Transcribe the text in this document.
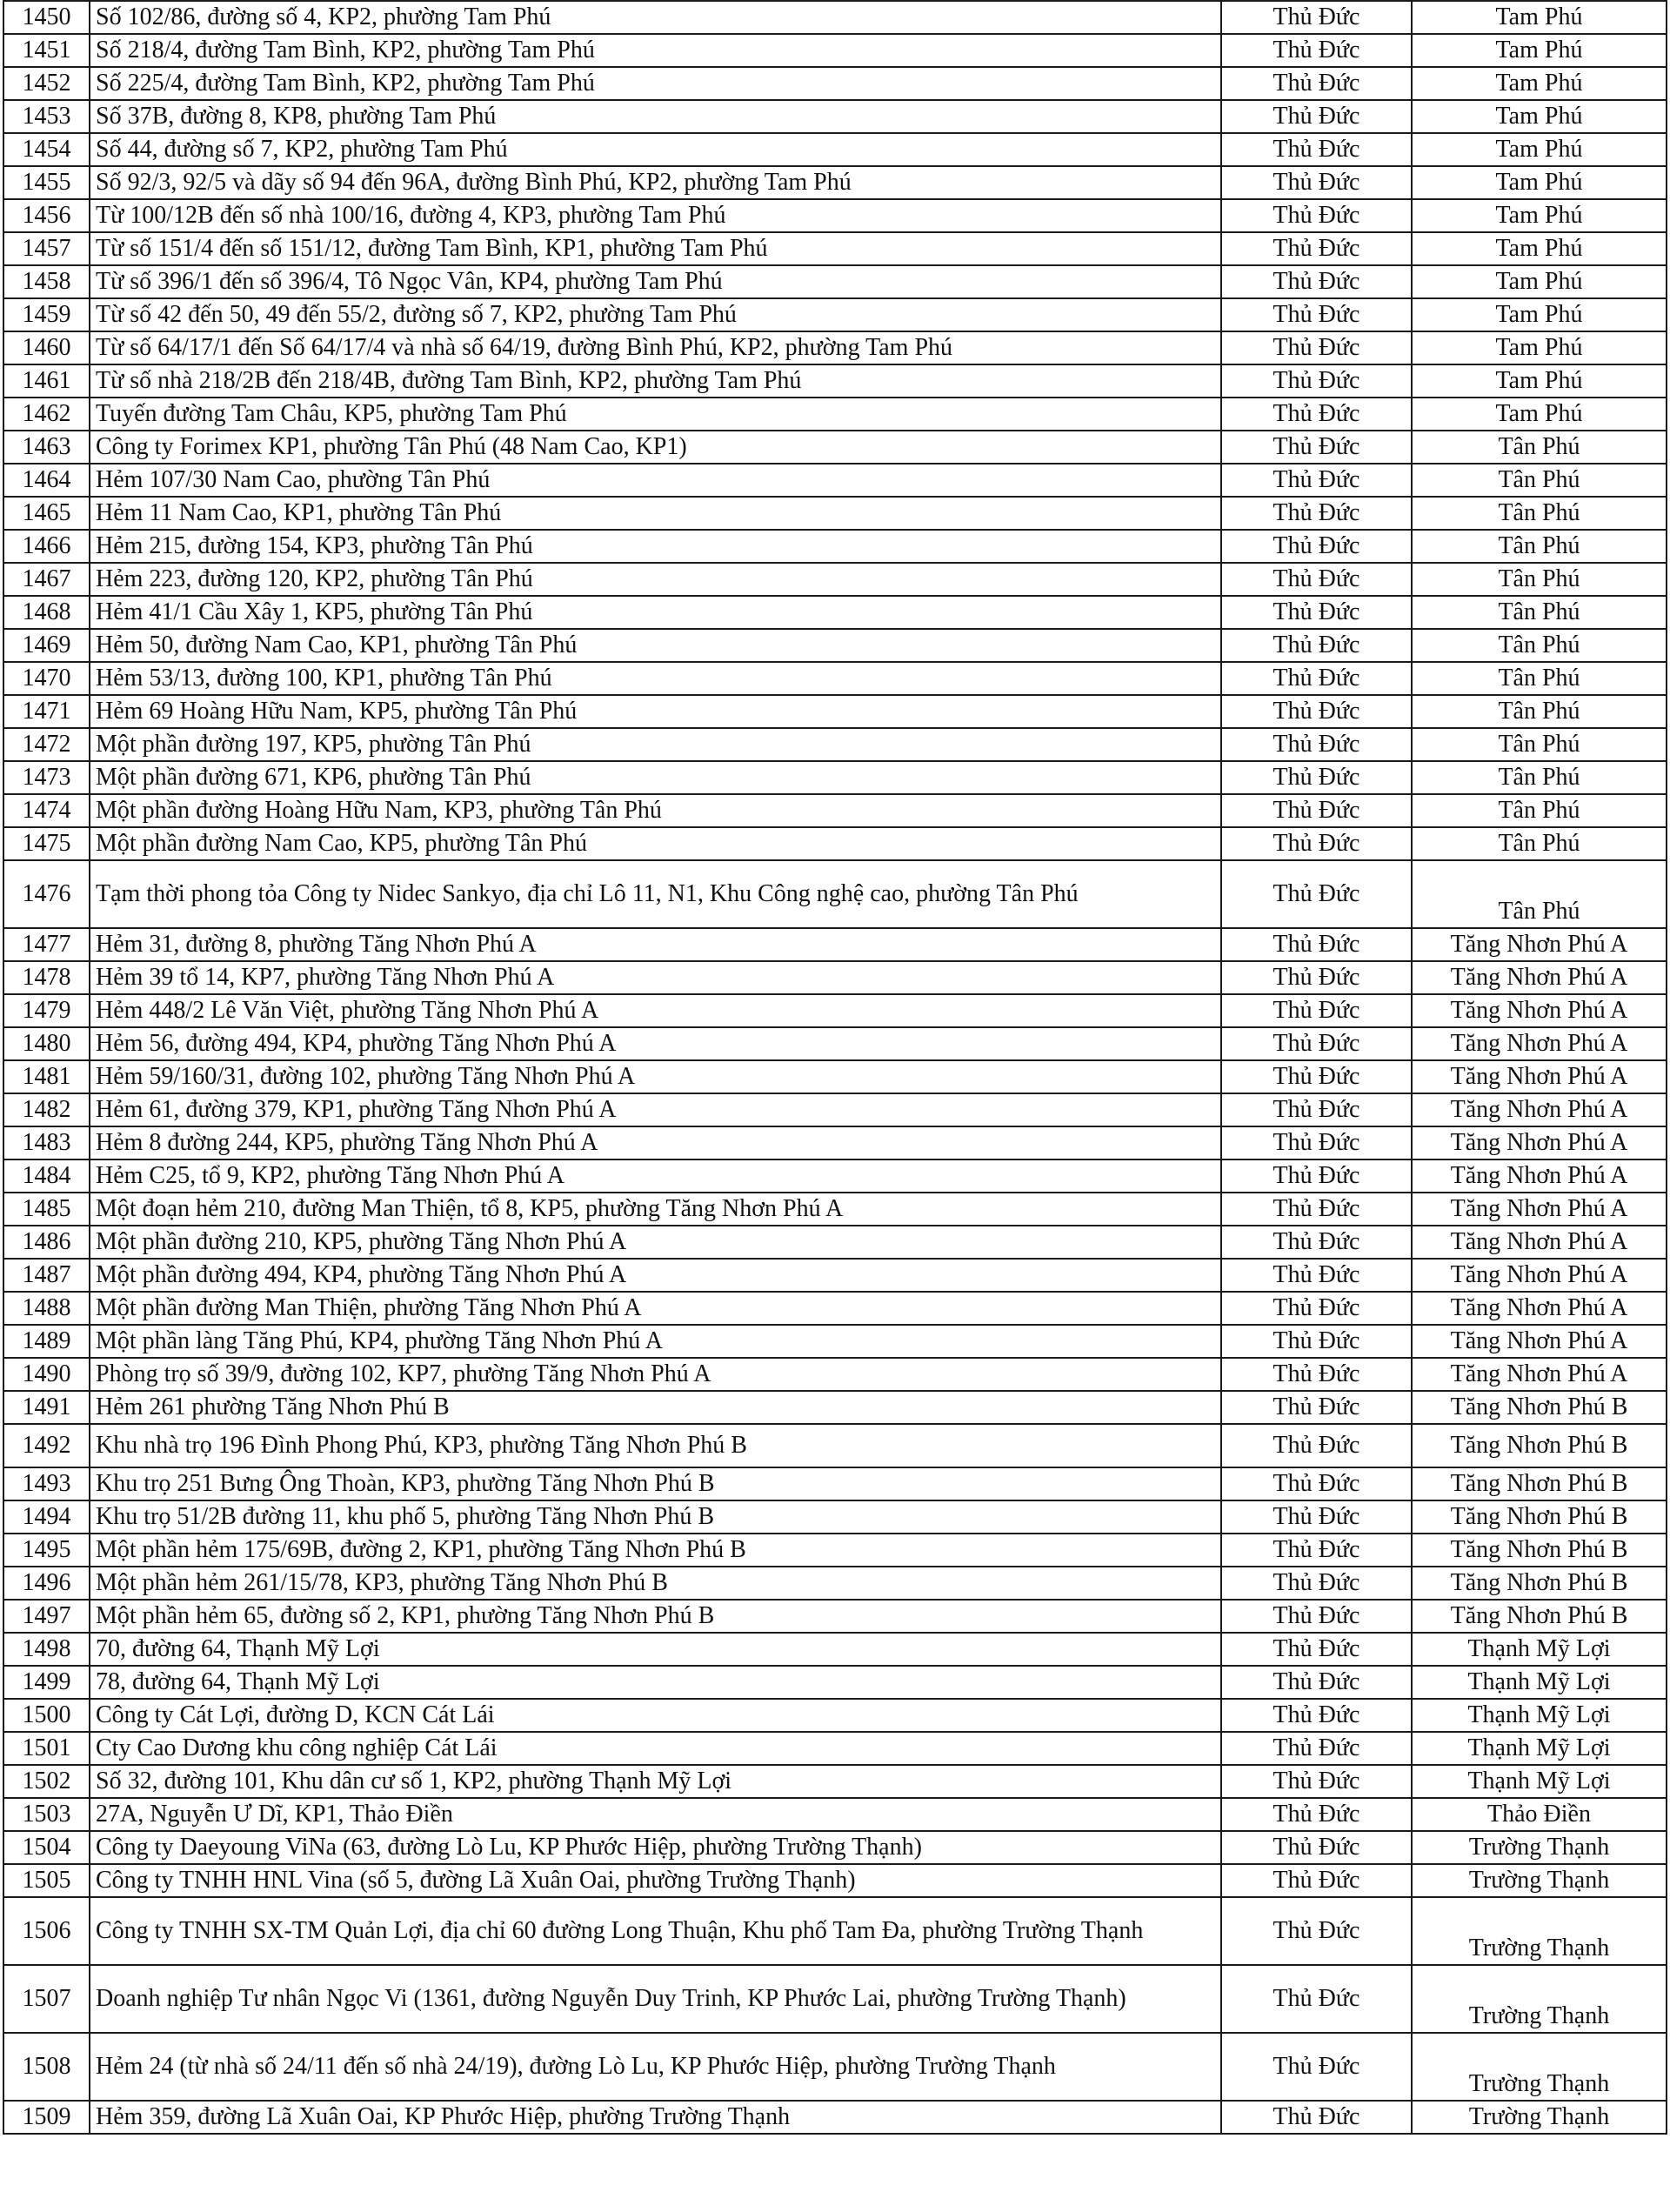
1450	Số 102/86, đường số 4, KP2, phường Tam Phú	Thủ Đức	Tam Phú
1451	Số 218/4, đường Tam Bình, KP2, phường Tam Phú	Thủ Đức	Tam Phú
1452	Số 225/4, đường Tam Bình, KP2, phường Tam Phú	Thủ Đức	Tam Phú
1453	Số 37B, đường 8, KP8, phường Tam Phú	Thủ Đức	Tam Phú
1454	Số 44, đường số 7, KP2, phường Tam Phú	Thủ Đức	Tam Phú
1455	Số 92/3, 92/5 và dãy số 94 đến 96A, đường Bình Phú, KP2, phường Tam Phú	Thủ Đức	Tam Phú
1456	Từ 100/12B đến số nhà 100/16, đường 4, KP3, phường Tam Phú	Thủ Đức	Tam Phú
1457	Từ số 151/4 đến số 151/12, đường Tam Bình, KP1, phường Tam Phú	Thủ Đức	Tam Phú
1458	Từ số 396/1 đến số 396/4, Tô Ngọc Vân, KP4, phường Tam Phú	Thủ Đức	Tam Phú
1459	Từ số 42 đến 50, 49 đến 55/2, đường số 7, KP2, phường Tam Phú	Thủ Đức	Tam Phú
1460	Từ số 64/17/1 đến Số 64/17/4 và nhà số 64/19, đường Bình Phú, KP2, phường Tam Phú	Thủ Đức	Tam Phú
1461	Từ số nhà 218/2B đến 218/4B, đường Tam Bình, KP2, phường Tam Phú	Thủ Đức	Tam Phú
1462	Tuyến đường Tam Châu, KP5, phường Tam Phú	Thủ Đức	Tam Phú
1463	Công ty Forimex KP1, phường Tân Phú (48 Nam Cao, KP1)	Thủ Đức	Tân Phú
1464	Hẻm 107/30 Nam Cao, phường Tân Phú	Thủ Đức	Tân Phú
1465	Hẻm 11 Nam Cao, KP1, phường Tân Phú	Thủ Đức	Tân Phú
1466	Hẻm 215, đường 154, KP3, phường Tân Phú	Thủ Đức	Tân Phú
1467	Hẻm 223, đường 120, KP2, phường Tân Phú	Thủ Đức	Tân Phú
1468	Hẻm 41/1 Cầu Xây 1, KP5, phường Tân Phú	Thủ Đức	Tân Phú
1469	Hẻm 50, đường Nam Cao, KP1, phường Tân Phú	Thủ Đức	Tân Phú
1470	Hẻm 53/13, đường 100, KP1, phường Tân Phú	Thủ Đức	Tân Phú
1471	Hẻm 69 Hoàng Hữu Nam, KP5, phường Tân Phú	Thủ Đức	Tân Phú
1472	Một phần đường 197, KP5, phường Tân Phú	Thủ Đức	Tân Phú
1473	Một phần đường 671, KP6, phường Tân Phú	Thủ Đức	Tân Phú
1474	Một phần đường Hoàng Hữu Nam, KP3, phường Tân Phú	Thủ Đức	Tân Phú
1475	Một phần đường Nam Cao, KP5, phường Tân Phú	Thủ Đức	Tân Phú
1476	Tạm thời phong tỏa Công ty Nidec Sankyo, địa chỉ Lô 11, N1, Khu Công nghệ cao, phường Tân Phú	Thủ Đức	Tân Phú
1477	Hẻm 31, đường 8, phường Tăng Nhơn Phú A	Thủ Đức	Tăng Nhơn Phú A
1478	Hẻm 39 tổ 14, KP7, phường Tăng Nhơn Phú A	Thủ Đức	Tăng Nhơn Phú A
1479	Hẻm 448/2 Lê Văn Việt, phường Tăng Nhơn Phú A	Thủ Đức	Tăng Nhơn Phú A
1480	Hẻm 56, đường 494, KP4, phường Tăng Nhơn Phú A	Thủ Đức	Tăng Nhơn Phú A
1481	Hẻm 59/160/31, đường 102, phường Tăng Nhơn Phú A	Thủ Đức	Tăng Nhơn Phú A
1482	Hẻm 61, đường 379, KP1, phường Tăng Nhơn Phú A	Thủ Đức	Tăng Nhơn Phú A
1483	Hẻm 8 đường 244, KP5, phường Tăng Nhơn Phú A	Thủ Đức	Tăng Nhơn Phú A
1484	Hẻm C25, tổ 9, KP2, phường Tăng Nhơn Phú A	Thủ Đức	Tăng Nhơn Phú A
1485	Một đoạn hẻm 210, đường Man Thiện, tổ 8, KP5, phường Tăng Nhơn Phú A	Thủ Đức	Tăng Nhơn Phú A
1486	Một phần đường 210, KP5, phường Tăng Nhơn Phú A	Thủ Đức	Tăng Nhơn Phú A
1487	Một phần đường 494, KP4, phường Tăng Nhơn Phú A	Thủ Đức	Tăng Nhơn Phú A
1488	Một phần đường Man Thiện, phường Tăng Nhơn Phú A	Thủ Đức	Tăng Nhơn Phú A
1489	Một phần làng Tăng Phú, KP4, phường Tăng Nhơn Phú A	Thủ Đức	Tăng Nhơn Phú A
1490	Phòng trọ số 39/9, đường 102, KP7, phường Tăng Nhơn Phú A	Thủ Đức	Tăng Nhơn Phú A
1491	Hẻm 261 phường Tăng Nhơn Phú B	Thủ Đức	Tăng Nhơn Phú B
1492	Khu nhà trọ 196 Đình Phong Phú, KP3, phường Tăng Nhơn Phú B	Thủ Đức	Tăng Nhơn Phú B
1493	Khu trọ 251 Bưng Ông Thoàn, KP3, phường Tăng Nhơn Phú B	Thủ Đức	Tăng Nhơn Phú B
1494	Khu trọ 51/2B đường 11, khu phố 5, phường Tăng Nhơn Phú B	Thủ Đức	Tăng Nhơn Phú B
1495	Một phần hẻm 175/69B, đường 2, KP1, phường Tăng Nhơn Phú B	Thủ Đức	Tăng Nhơn Phú B
1496	Một phần hẻm 261/15/78, KP3, phường Tăng Nhơn Phú B	Thủ Đức	Tăng Nhơn Phú B
1497	Một phần hẻm 65, đường số 2, KP1, phường Tăng Nhơn Phú B	Thủ Đức	Tăng Nhơn Phú B
1498	70, đường 64, Thạnh Mỹ Lợi	Thủ Đức	Thạnh Mỹ Lợi
1499	78, đường 64, Thạnh Mỹ Lợi	Thủ Đức	Thạnh Mỹ Lợi
1500	Công ty Cát Lợi, đường D, KCN Cát Lái	Thủ Đức	Thạnh Mỹ Lợi
1501	Cty Cao Dương khu công nghiệp Cát Lái	Thủ Đức	Thạnh Mỹ Lợi
1502	Số 32, đường 101, Khu dân cư số 1, KP2, phường Thạnh Mỹ Lợi	Thủ Đức	Thạnh Mỹ Lợi
1503	27A, Nguyễn Ư Dĩ, KP1, Thảo Điền	Thủ Đức	Thảo Điền
1504	Công ty Daeyoung ViNa (63, đường Lò Lu, KP Phước Hiệp, phường Trường Thạnh)	Thủ Đức	Trường Thạnh
1505	Công ty TNHH HNL Vina (số 5, đường Lã Xuân Oai, phường Trường Thạnh)	Thủ Đức	Trường Thạnh
1506	Công ty TNHH SX-TM Quản Lợi, địa chỉ 60 đường Long Thuận, Khu phố Tam Đa, phường Trường Thạnh	Thủ Đức	Trường Thạnh
1507	Doanh nghiệp Tư nhân Ngọc Vi (1361, đường Nguyễn Duy Trinh, KP Phước Lai, phường Trường Thạnh)	Thủ Đức	Trường Thạnh
1508	Hẻm 24 (từ nhà số 24/11 đến số nhà 24/19), đường Lò Lu, KP Phước Hiệp, phường Trường Thạnh	Thủ Đức	Trường Thạnh
1509	Hẻm 359, đường Lã Xuân Oai, KP Phước Hiệp, phường Trường Thạnh	Thủ Đức	Trường Thạnh
